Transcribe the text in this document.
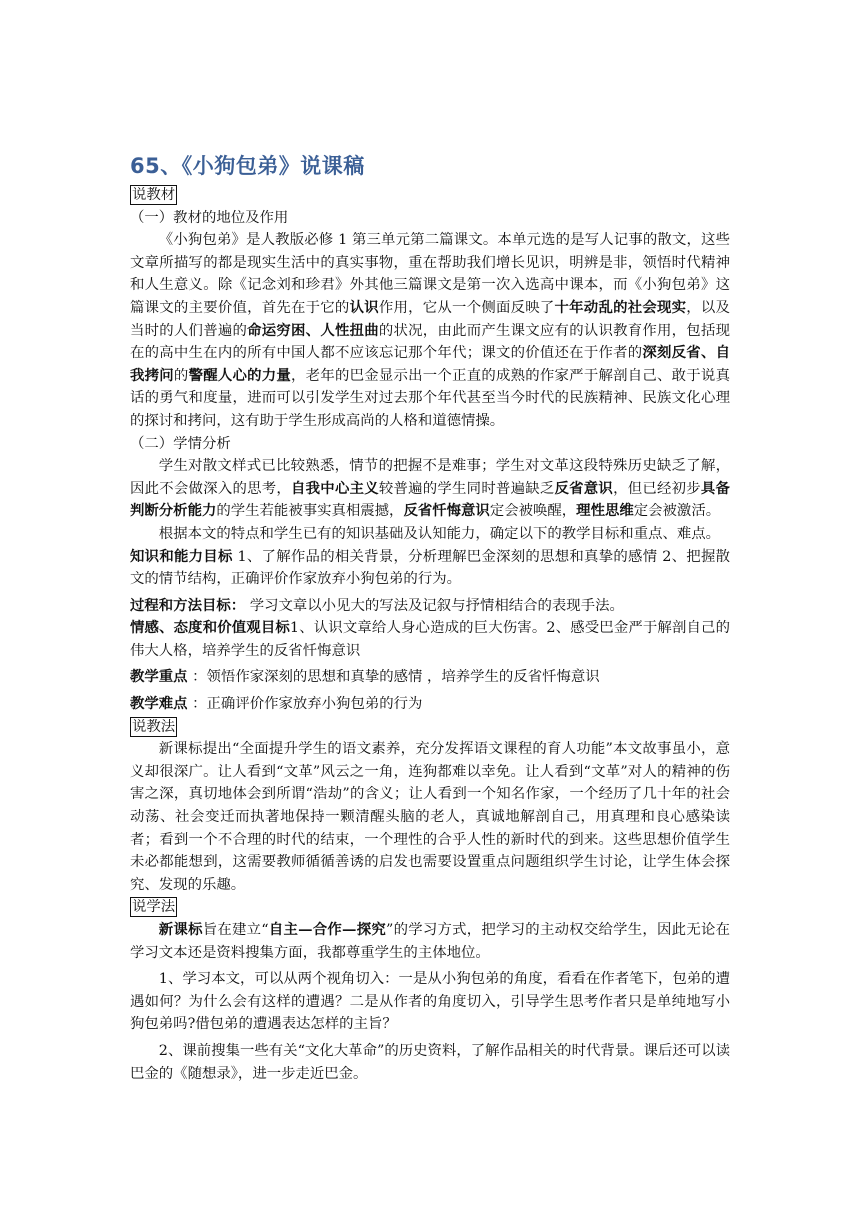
65、《小狗包弟》说课稿
说教材

（一）教材的地位及作用

《小狗包弟》是人教版必修 1 第三单元第二篇课文。本单元选的是写人记事的散文，这些文章所描写的都是现实生活中的真实事物，重在帮助我们增长见识，明辨是非，领悟时代精神和人生意义。除《记念刘和珍君》外其他三篇课文是第一次入选高中课本，而《小狗包弟》这篇课文的主要价值，首先在于它的认识作用，它从一个侧面反映了十年动乱的社会现实，以及当时的人们普遍的命运穷困、人性扭曲的状况，由此而产生课文应有的认识教育作用，包括现在的高中生在内的所有中国人都不应该忘记那个年代；课文的价值还在于作者的深刻反省、自我拷问的警醒人心的力量，老年的巴金显示出一个正直的成熟的作家严于解剖自己、敢于说真话的勇气和度量，进而可以引发学生对过去那个年代甚至当今时代的民族精神、民族文化心理的探讨和拷问，这有助于学生形成高尚的人格和道德情操。

（二）学情分析

学生对散文样式已比较熟悉，情节的把握不是难事；学生对文革这段特殊历史缺乏了解，因此不会做深入的思考，自我中心主义较普遍的学生同时普遍缺乏反省意识，但已经初步具备判断分析能力的学生若能被事实真相震撼，反省忏悔意识定会被唤醒，理性思维定会被激活。

根据本文的特点和学生已有的知识基础及认知能力，确定以下的教学目标和重点、难点。

知识和能力目标 1、了解作品的相关背景，分析理解巴金深刻的思想和真挚的感情 2、把握散文的情节结构，正确评价作家放弃小狗包弟的行为。

过程和方法目标： 学习文章以小见大的写法及记叙与抒情相结合的表现手法。

情感、态度和价值观目标1、认识文章给人身心造成的巨大伤害。2、感受巴金严于解剖自己的伟大人格，培养学生的反省忏悔意识

教学重点 ：领悟作家深刻的思想和真挚的感情 ，培养学生的反省忏悔意识

教学难点 ：正确评价作家放弃小狗包弟的行为

说教法

新课标提出“全面提升学生的语文素养，充分发挥语文课程的育人功能”本文故事虽小，意义却很深广。让人看到“文革”风云之一角，连狗都难以幸免。让人看到“文革”对人的精神的伤害之深，真切地体会到所谓“浩劫”的含义；让人看到一个知名作家，一个经历了几十年的社会动荡、社会变迁而执著地保持一颗清醒头脑的老人，真诚地解剖自己，用真理和良心感染读者；看到一个不合理的时代的结束，一个理性的合乎人性的新时代的到来。这些思想价值学生未必都能想到，这需要教师循循善诱的启发也需要设置重点问题组织学生讨论，让学生体会探究、发现的乐趣。

说学法

新课标旨在建立“自主—合作—探究”的学习方式，把学习的主动权交给学生，因此无论在学习文本还是资料搜集方面，我都尊重学生的主体地位。

1、学习本文，可以从两个视角切入：一是从小狗包弟的角度，看看在作者笔下，包弟的遭遇如何？为什么会有这样的遭遇？二是从作者的角度切入，引导学生思考作者只是单纯地写小狗包弟吗?借包弟的遭遇表达怎样的主旨？

2、课前搜集一些有关“文化大革命”的历史资料，了解作品相关的时代背景。课后还可以读巴金的《随想录》，进一步走近巴金。
